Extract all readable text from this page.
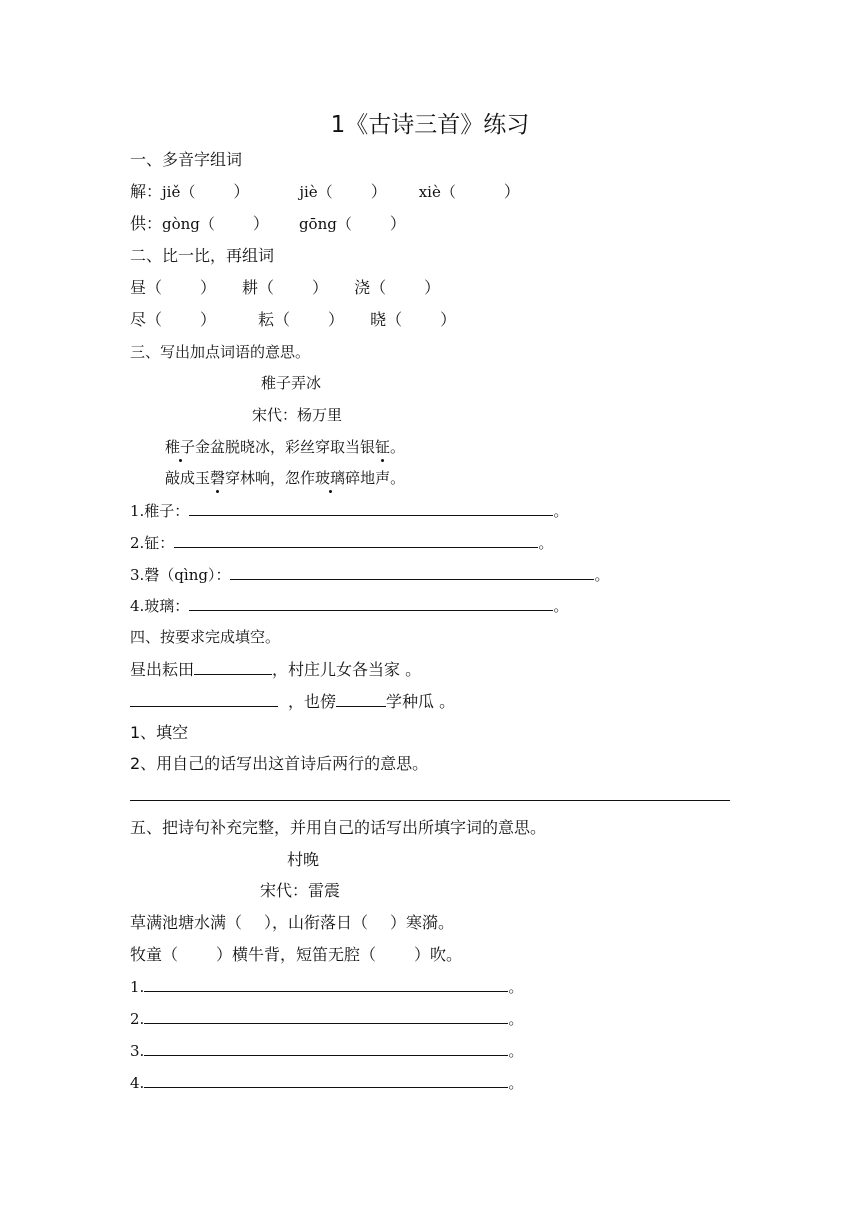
1《古诗三首》练习
一、多音字组词
解：jiě（ ）	jiè（ ） xiè（	）
供：gòng（ ） gōng（ ）
二、比一比，再组词
昼（ ） 耕（ ） 浇（ ）
尽（ ）	耘（ ） 晓（ ）
三、写出加点词语的意思。
稚子弄冰
宋代：杨万里
稚子金盆脱晓冰，彩丝穿取当银钲。
敲成玉磬穿林响，忽作玻璃碎地声。
1.稚子：	。
2.钲：	。
3.磬（qìng）：	。
4.玻璃：	。
四、按要求完成填空。
昼出耘田	，村庄儿女各当家 。
，也傍	学种瓜 。
1、填空
2、用自己的话写出这首诗后两行的意思。
五、把诗句补充完整，并用自己的话写出所填字词的意思。
村晚
宋代：雷震
草满池塘水满（ ），山衔落日（ ）寒漪。
牧童（ ）横牛背，短笛无腔（ ）吹。
1.	。
2.	。
3.	。
4.	。
